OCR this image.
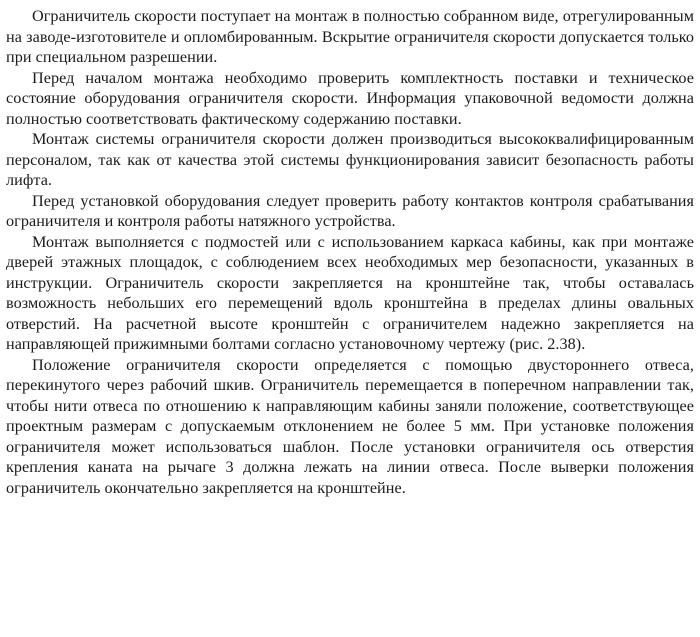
Ограничитель скорости поступает на монтаж в полностью собранном виде, отрегулированным на заводе-изготовителе и опломбированным. Вскрытие ограничителя скорости допускается только при специальном разрешении.

Перед началом монтажа необходимо проверить комплектность поставки и техническое состояние оборудования ограничителя скорости. Информация упаковочной ведомости должна полностью соответствовать фактическому содержанию поставки.

Монтаж системы ограничителя скорости должен производиться высококвалифицированным персоналом, так как от качества этой системы функционирования зависит безопасность работы лифта.

Перед установкой оборудования следует проверить работу контактов контроля срабатывания ограничителя и контроля работы натяжного устройства.

Монтаж выполняется с подмостей или с использованием каркаса кабины, как при монтаже дверей этажных площадок, с соблюдением всех необходимых мер безопасности, указанных в инструкции. Ограничитель скорости закрепляется на кронштейне так, чтобы оставалась возможность небольших его перемещений вдоль кронштейна в пределах длины овальных отверстий. На расчетной высоте кронштейн с ограничителем надежно закрепляется на направляющей прижимными болтами согласно установочному чертежу (рис. 2.38).

Положение ограничителя скорости определяется с помощью двустороннего отвеса, перекинутого через рабочий шкив. Ограничитель перемещается в поперечном направлении так, чтобы нити отвеса по отношению к направляющим кабины заняли положение, соответствующее проектным размерам с допускаемым отклонением не более 5 мм. При установке положения ограничителя может использоваться шаблон. После установки ограничителя ось отверстия крепления каната на рычаге 3 должна лежать на линии отвеса. После выверки положения ограничитель окончательно закрепляется на кронштейне.
